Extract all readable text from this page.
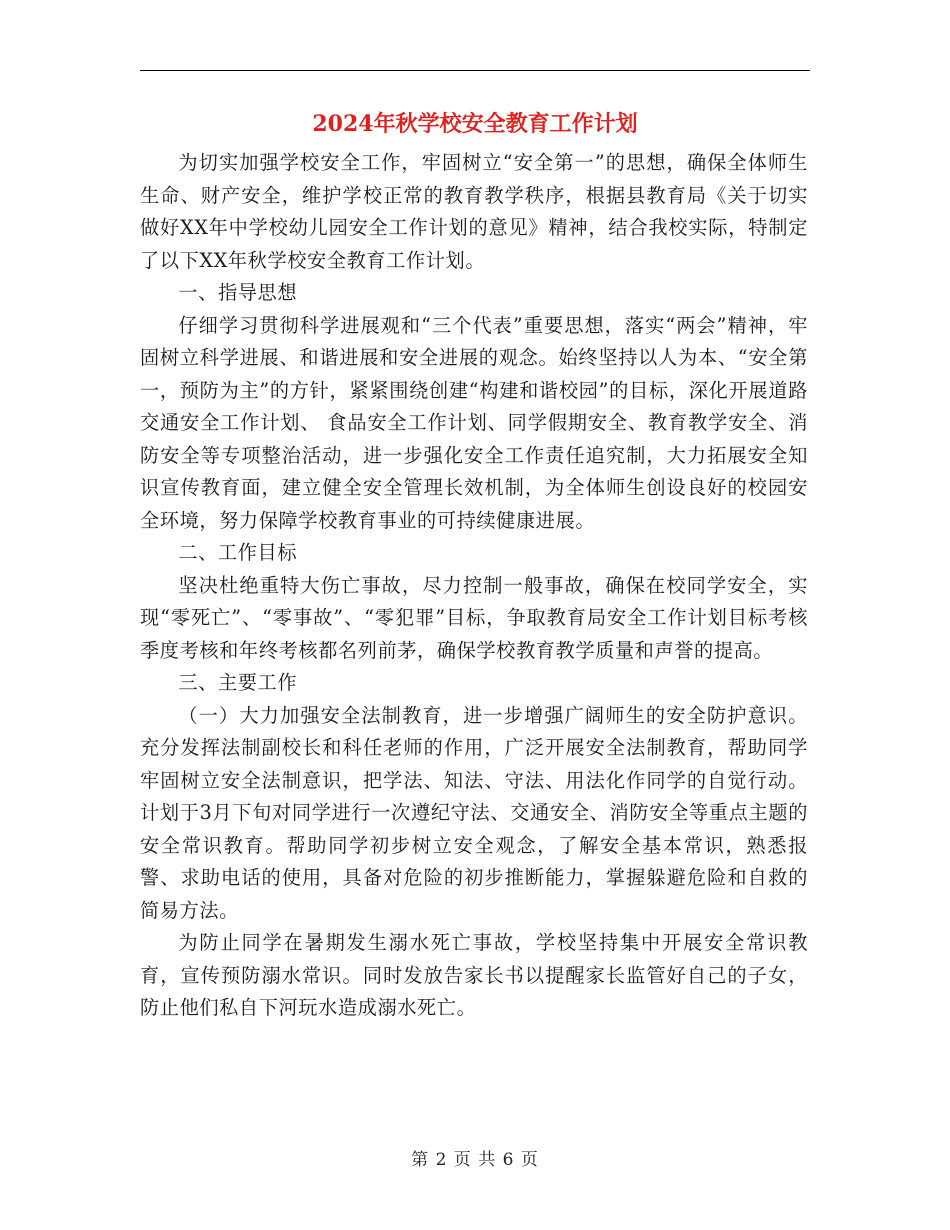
2024年秋学校安全教育工作计划

为切实加强学校安全工作，牢固树立“安全第一”的思想，确保全体师生生命、财产安全，维护学校正常的教育教学秩序，根据县教育局《关于切实做好XX年中学校幼儿园安全工作计划的意见》精神，结合我校实际，特制定了以下XX年秋学校安全教育工作计划。

一、指导思想

仔细学习贯彻科学进展观和“三个代表”重要思想，落实“两会”精神，牢固树立科学进展、和谐进展和安全进展的观念。始终坚持以人为本、“安全第一，预防为主”的方针，紧紧围绕创建“构建和谐校园”的目标，深化开展道路交通安全工作计划、 食品安全工作计划、同学假期安全、教育教学安全、消防安全等专项整治活动，进一步强化安全工作责任追究制，大力拓展安全知识宣传教育面，建立健全安全管理长效机制，为全体师生创设良好的校园安全环境，努力保障学校教育事业的可持续健康进展。

二、工作目标

坚决杜绝重特大伤亡事故，尽力控制一般事故，确保在校同学安全，实现“零死亡”、“零事故”、“零犯罪”目标，争取教育局安全工作计划目标考核季度考核和年终考核都名列前茅，确保学校教育教学质量和声誉的提高。

三、主要工作

（一）大力加强安全法制教育，进一步增强广阔师生的安全防护意识。充分发挥法制副校长和科任老师的作用，广泛开展安全法制教育，帮助同学牢固树立安全法制意识，把学法、知法、守法、用法化作同学的自觉行动。计划于3月下旬对同学进行一次遵纪守法、交通安全、消防安全等重点主题的安全常识教育。帮助同学初步树立安全观念，了解安全基本常识，熟悉报警、求助电话的使用，具备对危险的初步推断能力，掌握躲避危险和自救的简易方法。

为防止同学在暑期发生溺水死亡事故，学校坚持集中开展安全常识教育，宣传预防溺水常识。同时发放告家长书以提醒家长监管好自己的子女，防止他们私自下河玩水造成溺水死亡。

第 2 页 共 6 页
